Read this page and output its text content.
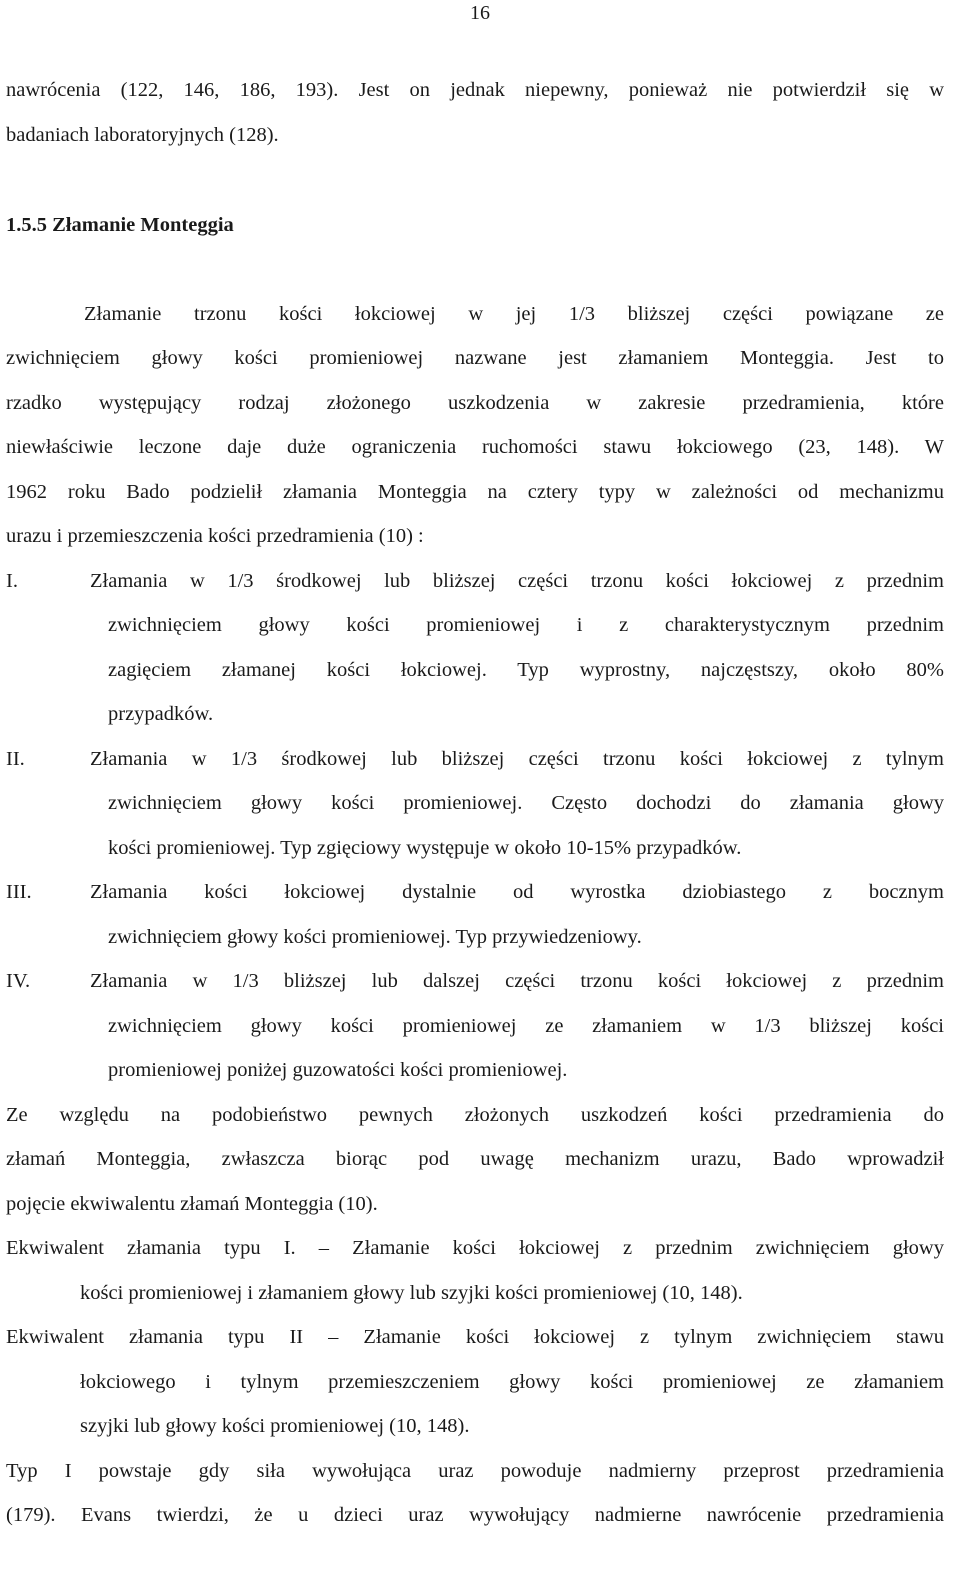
16
nawrócenia (122, 146, 186, 193). Jest on jednak niepewny, ponieważ nie potwierdził się w
badaniach laboratoryjnych (128).
1.5.5 Złamanie Monteggia
Złamanie trzonu kości łokciowej w jej 1/3 bliższej części powiązane ze
zwichnięciem głowy kości promieniowej nazwane jest złamaniem Monteggia. Jest to
rzadko występujący rodzaj złożonego uszkodzenia w zakresie przedramienia, które
niewłaściwie leczone daje duże ograniczenia ruchomości stawu łokciowego (23, 148). W
1962 roku Bado podzielił złamania Monteggia na cztery typy w zależności od mechanizmu
urazu i przemieszczenia kości przedramienia (10) :
I.	Złamania w 1/3 środkowej lub bliższej części trzonu kości łokciowej z przednim
zwichnięciem głowy kości promieniowej i z charakterystycznym przednim
zagięciem złamanej kości łokciowej. Typ wyprostny, najczęstszy, około 80%
przypadków.
II.	Złamania w 1/3 środkowej lub bliższej części trzonu kości łokciowej z tylnym
zwichnięciem głowy kości promieniowej. Często dochodzi do złamania głowy
kości promieniowej. Typ zgięciowy występuje w około 10-15% przypadków.
III.	Złamania kości łokciowej dystalnie od wyrostka dziobiastego z bocznym
zwichnięciem głowy kości promieniowej. Typ przywiedzeniowy.
IV.	Złamania w 1/3 bliższej lub dalszej części trzonu kości łokciowej z przednim
zwichnięciem głowy kości promieniowej ze złamaniem w 1/3 bliższej kości
promieniowej poniżej guzowatości kości promieniowej.
Ze względu na podobieństwo pewnych złożonych uszkodzeń kości przedramienia do
złamań Monteggia, zwłaszcza biorąc pod uwagę mechanizm urazu, Bado wprowadził
pojęcie ekwiwalentu złamań Monteggia (10).
Ekwiwalent złamania typu I. – Złamanie kości łokciowej z przednim zwichnięciem głowy
kości promieniowej i złamaniem głowy lub szyjki kości promieniowej (10, 148).
Ekwiwalent złamania typu II – Złamanie kości łokciowej z tylnym zwichnięciem stawu
łokciowego i tylnym przemieszczeniem głowy kości promieniowej ze złamaniem
szyjki lub głowy kości promieniowej (10, 148).
Typ I powstaje gdy siła wywołująca uraz powoduje nadmierny przeprost przedramienia
(179). Evans twierdzi, że u dzieci uraz wywołujący nadmierne nawrócenie przedramienia
